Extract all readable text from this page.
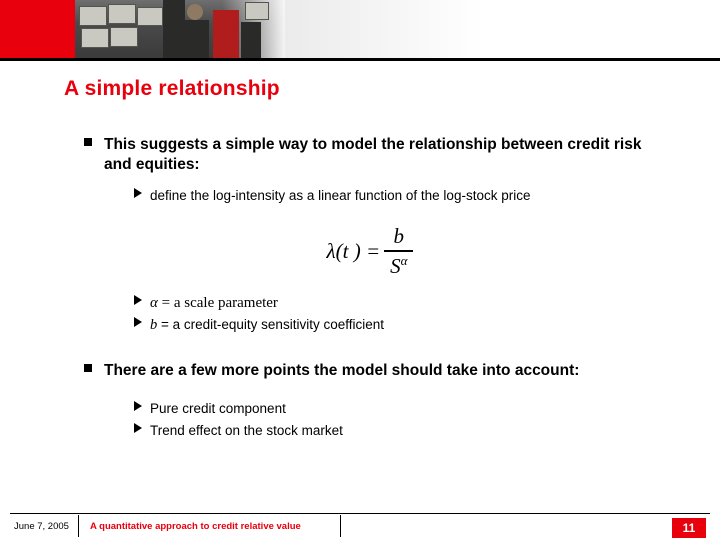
A simple relationship
This suggests a simple way to model the relationship between credit risk and equities:
define the log-intensity as a linear function of the log-stock price
λ(t ) = $\frac{b}{S^\alpha}$
α = a scale parameter
b = a credit-equity sensitivity coefficient
There are a few more points the model should take into account:
Pure credit component
Trend effect on the stock market
June 7, 2005 A quantitative approach to credit relative value	11
